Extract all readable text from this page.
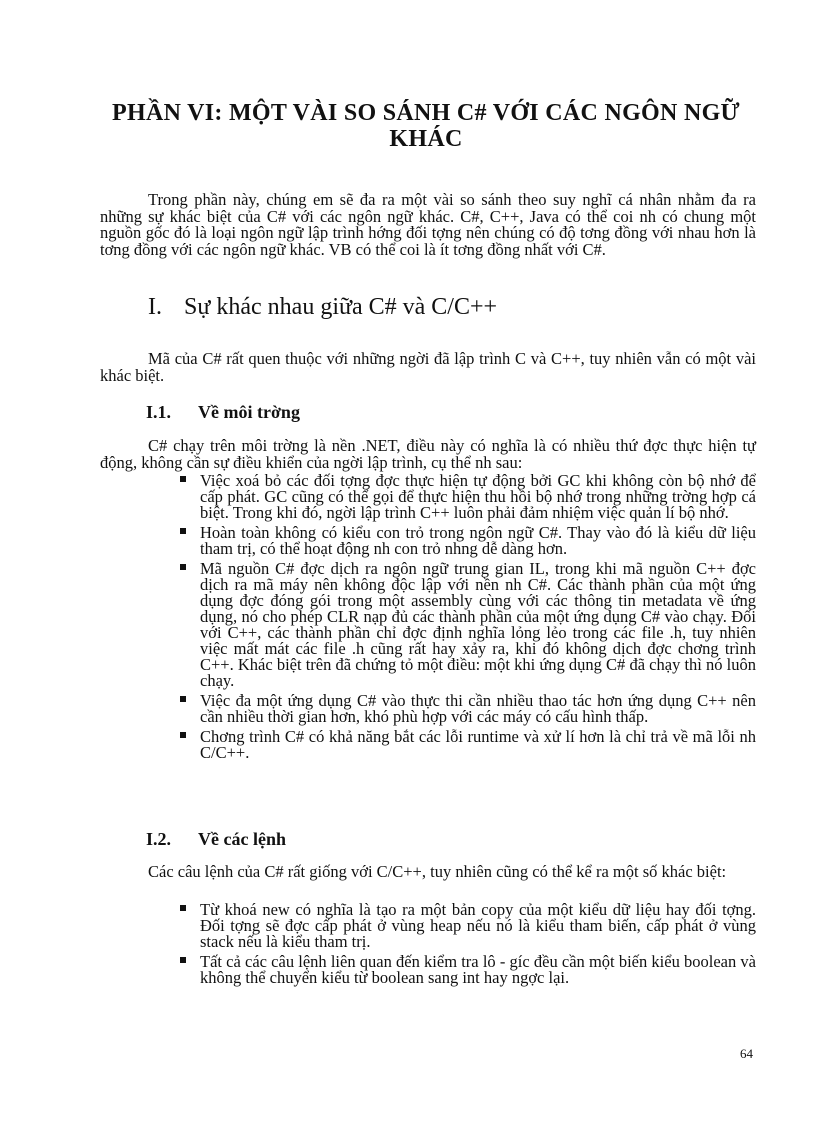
PHẦN VI: MỘT VÀI SO SÁNH C# VỚI CÁC NGÔN NGỮ
KHÁC
Trong phần này, chúng em sẽ đa ra một vài so sánh theo suy nghĩ cá nhân nhằm đa ra những sự khác biệt của C# với các ngôn ngữ khác. C#, C++, Java có thể coi nh có chung một nguồn gốc đó là loại ngôn ngữ lập trình hớng đối tợng nên chúng có độ tơng đồng với nhau hơn là tơng đồng với các ngôn ngữ khác. VB có thể coi là ít tơng đồng nhất với C#.
I. Sự khác nhau giữa C# và C/C++
Mã của C# rất quen thuộc với những ngời đã lập trình C và C++, tuy nhiên vẫn có một vài khác biệt.
I.1. Về môi trờng
C# chạy trên môi trờng là nền .NET, điều này có nghĩa là có nhiều thứ đợc thực hiện tự động, không cần sự điều khiển của ngời lập trình, cụ thể nh sau:
Việc xoá bỏ các đối tợng đợc thực hiện tự động bởi GC khi không còn bộ nhớ để cấp phát. GC cũng có thể gọi để thực hiện thu hồi bộ nhớ trong những trờng hợp cá biệt. Trong khi đó, ngời lập trình C++ luôn phải đảm nhiệm việc quản lí bộ nhớ.
Hoàn toàn không có kiểu con trỏ trong ngôn ngữ C#. Thay vào đó là kiểu dữ liệu tham trị, có thể hoạt động nh con trỏ nhng dễ dàng hơn.
Mã nguồn C# đợc dịch ra ngôn ngữ trung gian IL, trong khi mã nguồn C++ đợc dịch ra mã máy nên không độc lập với nền nh C#. Các thành phần của một ứng dụng đợc đóng gói trong một assembly cùng với các thông tin metadata về ứng dụng, nó cho phép CLR nạp đủ các thành phần của một ứng dụng C# vào chạy. Đối với C++, các thành phần chỉ đợc định nghĩa lỏng lẻo trong các file .h, tuy nhiên việc mất mát các file .h cũng rất hay xảy ra, khi đó không dịch đợc chơng trình C++. Khác biệt trên đã chứng tỏ một điều: một khi ứng dụng C# đã chạy thì nó luôn chạy.
Việc đa một ứng dụng C# vào thực thi cần nhiều thao tác hơn ứng dụng C++ nên cần nhiều thời gian hơn, khó phù hợp với các máy có cấu hình thấp.
Chơng trình C# có khả năng bắt các lỗi runtime và xử lí hơn là chỉ trả về mã lỗi nh C/C++.
I.2. Về các lệnh
Các câu lệnh của C# rất giống với C/C++, tuy nhiên cũng có thể kể ra một số khác biệt:
Từ khoá new có nghĩa là tạo ra một bản copy của một kiểu dữ liệu hay đối tợng. Đối tợng sẽ đợc cấp phát ở vùng heap nếu nó là kiểu tham biến, cấp phát ở vùng stack nếu là kiểu tham trị.
Tất cả các câu lệnh liên quan đến kiểm tra lô - gíc đều cần một biến kiểu boolean và không thể chuyển kiểu từ boolean sang int hay ngợc lại.
64
